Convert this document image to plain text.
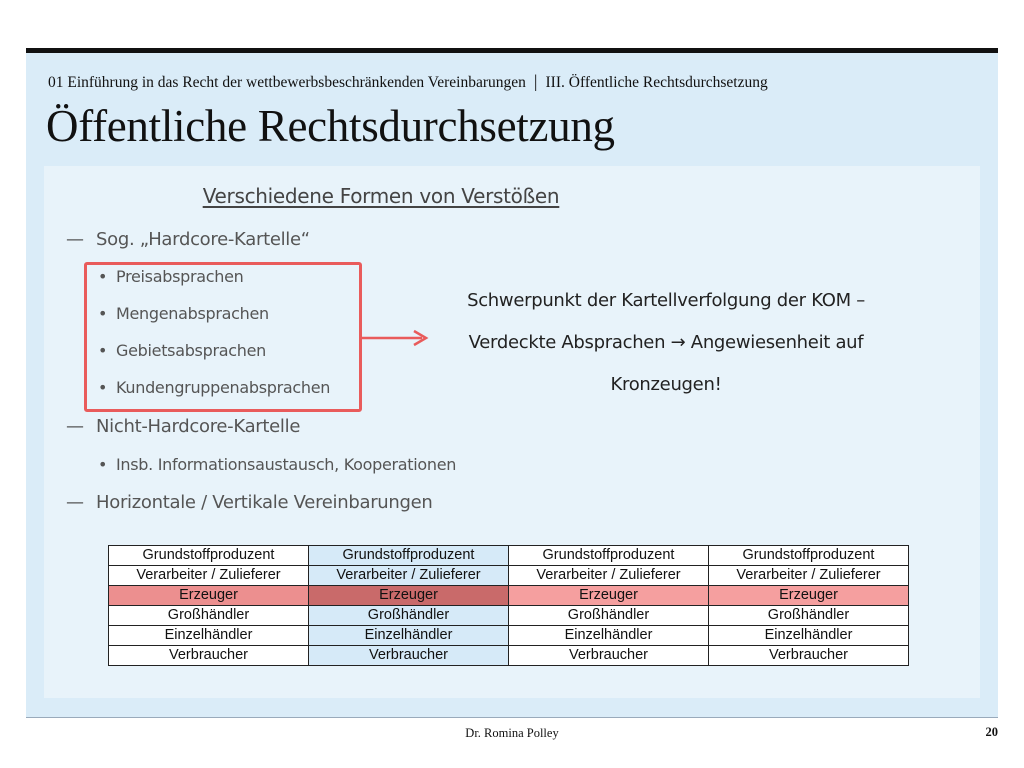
01 Einführung in das Recht der wettbewerbsbeschränkenden Vereinbarungen | III. Öffentliche Rechtsdurchsetzung
Öffentliche Rechtsdurchsetzung
Verschiedene Formen von Verstößen
— Sog. „Hardcore-Kartelle“
• Preisabsprachen
• Mengenabsprachen
• Gebietsabsprachen
• Kundengruppenabsprachen
Schwerpunkt der Kartellverfolgung der KOM –
Verdeckte Absprachen → Angewiesenheit auf
Kronzeugen!
— Nicht-Hardcore-Kartelle
• Insb. Informationsaustausch, Kooperationen
— Horizontale / Vertikale Vereinbarungen
Grundstoffproduzent	Grundstoffproduzent	Grundstoffproduzent	Grundstoffproduzent
Verarbeiter / Zulieferer	Verarbeiter / Zulieferer	Verarbeiter / Zulieferer	Verarbeiter / Zulieferer
Erzeuger	Erzeuger	Erzeuger	Erzeuger
Großhändler	Großhändler	Großhändler	Großhändler
Einzelhändler	Einzelhändler	Einzelhändler	Einzelhändler
Verbraucher	Verbraucher	Verbraucher	Verbraucher
Dr. Romina Polley	20
